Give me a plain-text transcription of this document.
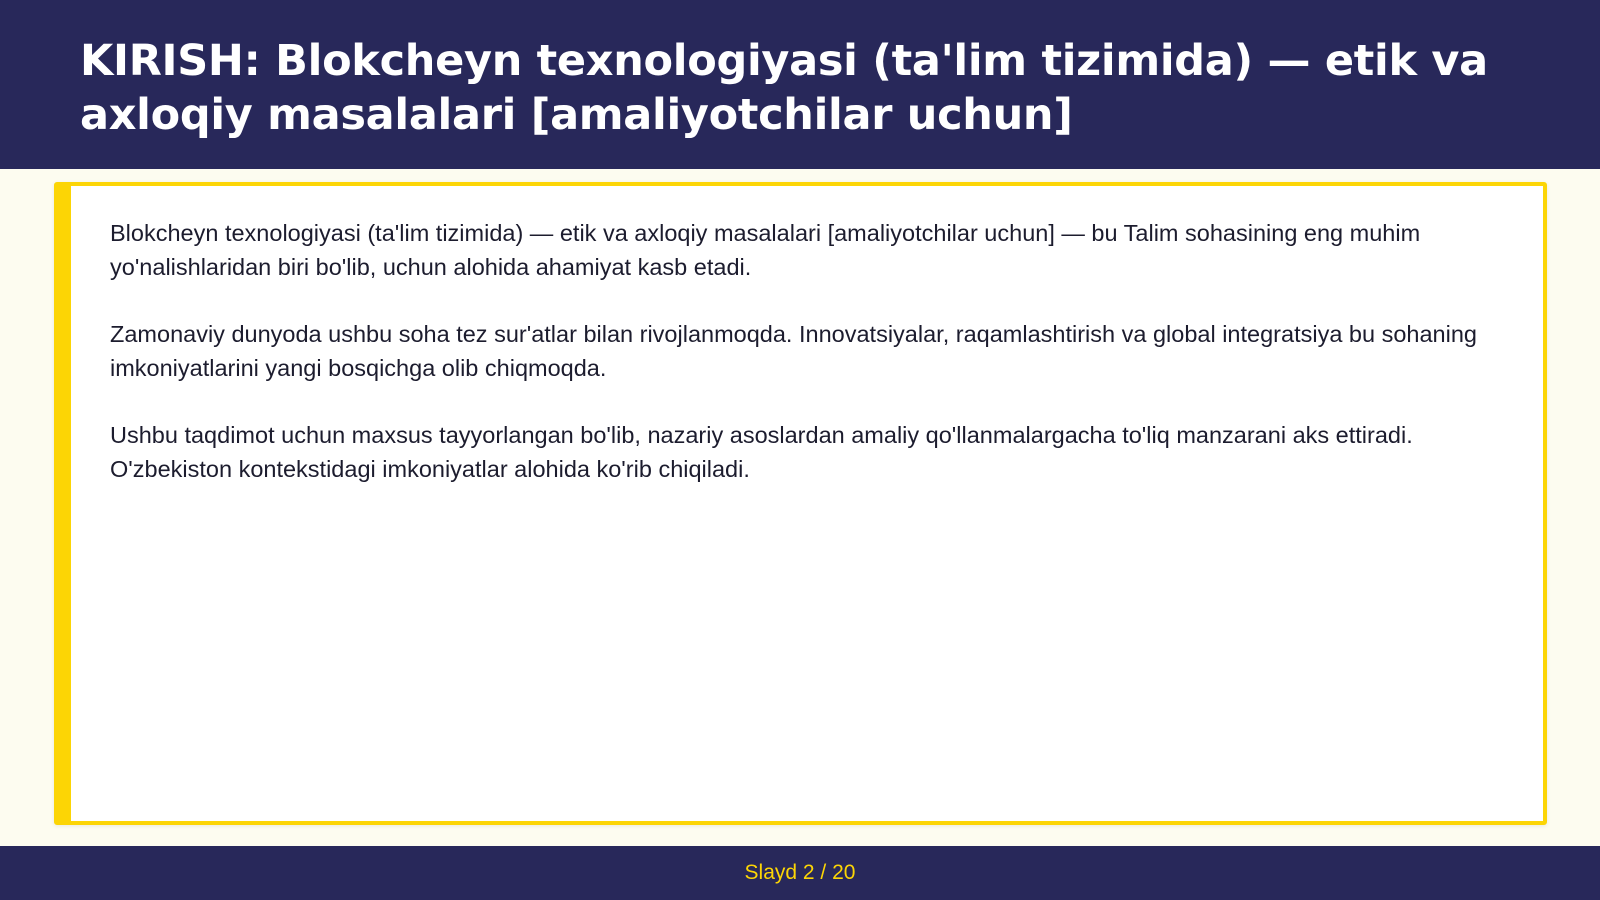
KIRISH: Blokcheyn texnologiyasi (ta'lim tizimida) — etik va axloqiy masalalari [amaliyotchilar uchun]

Blokcheyn texnologiyasi (ta'lim tizimida) — etik va axloqiy masalalari [amaliyotchilar uchun] — bu Talim sohasining eng muhim yo'nalishlaridan biri bo'lib, uchun alohida ahamiyat kasb etadi.

Zamonaviy dunyoda ushbu soha tez sur'atlar bilan rivojlanmoqda. Innovatsiyalar, raqamlashtirish va global integratsiya bu sohaning imkoniyatlarini yangi bosqichga olib chiqmoqda.

Ushbu taqdimot uchun maxsus tayyorlangan bo'lib, nazariy asoslardan amaliy qo'llanmalargacha to'liq manzarani aks ettiradi. O'zbekiston kontekstidagi imkoniyatlar alohida ko'rib chiqiladi.

Slayd 2 / 20
